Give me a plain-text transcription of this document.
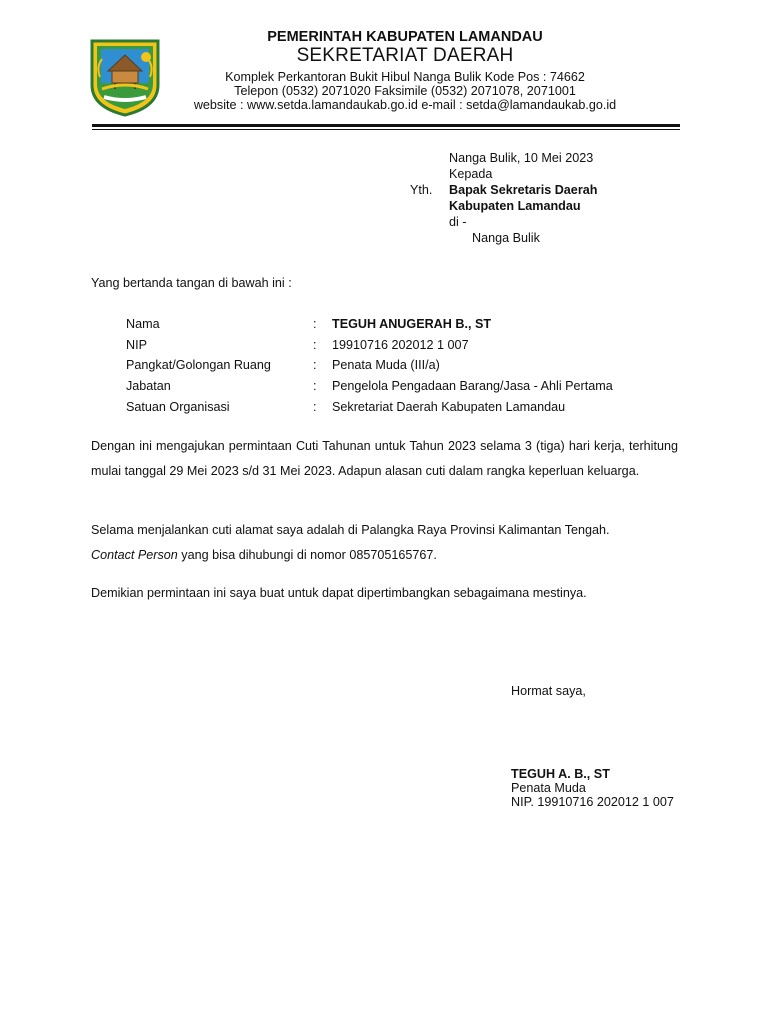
PEMERINTAH KABUPATEN LAMANDAU
SEKRETARIAT DAERAH
Komplek Perkantoran Bukit Hibul Nanga Bulik Kode Pos : 74662
Telepon (0532) 2071020 Faksimile (0532) 2071078, 2071001
website : www.setda.lamandaukab.go.id e-mail : setda@lamandaukab.go.id
Nanga Bulik, 10 Mei 2023
Kepada
Yth. Bapak Sekretaris Daerah
Kabupaten Lamandau
di -
Nanga Bulik
Yang bertanda tangan di bawah ini :
Nama	: TEGUH ANUGERAH B., ST
NIP	: 19910716 202012 1 007
Pangkat/Golongan Ruang	: Penata Muda (III/a)
Jabatan	: Pengelola Pengadaan Barang/Jasa - Ahli Pertama
Satuan Organisasi	: Sekretariat Daerah Kabupaten Lamandau
Dengan ini mengajukan permintaan Cuti Tahunan untuk Tahun 2023 selama 3 (tiga) hari kerja, terhitung mulai tanggal 29 Mei 2023 s/d 31 Mei 2023. Adapun alasan cuti dalam rangka keperluan keluarga.
Selama menjalankan cuti alamat saya adalah di Palangka Raya Provinsi Kalimantan Tengah.
Contact Person yang bisa dihubungi di nomor 085705165767.
Demikian permintaan ini saya buat untuk dapat dipertimbangkan sebagaimana mestinya.
Hormat saya,
TEGUH A. B., ST
Penata Muda
NIP. 19910716 202012 1 007
